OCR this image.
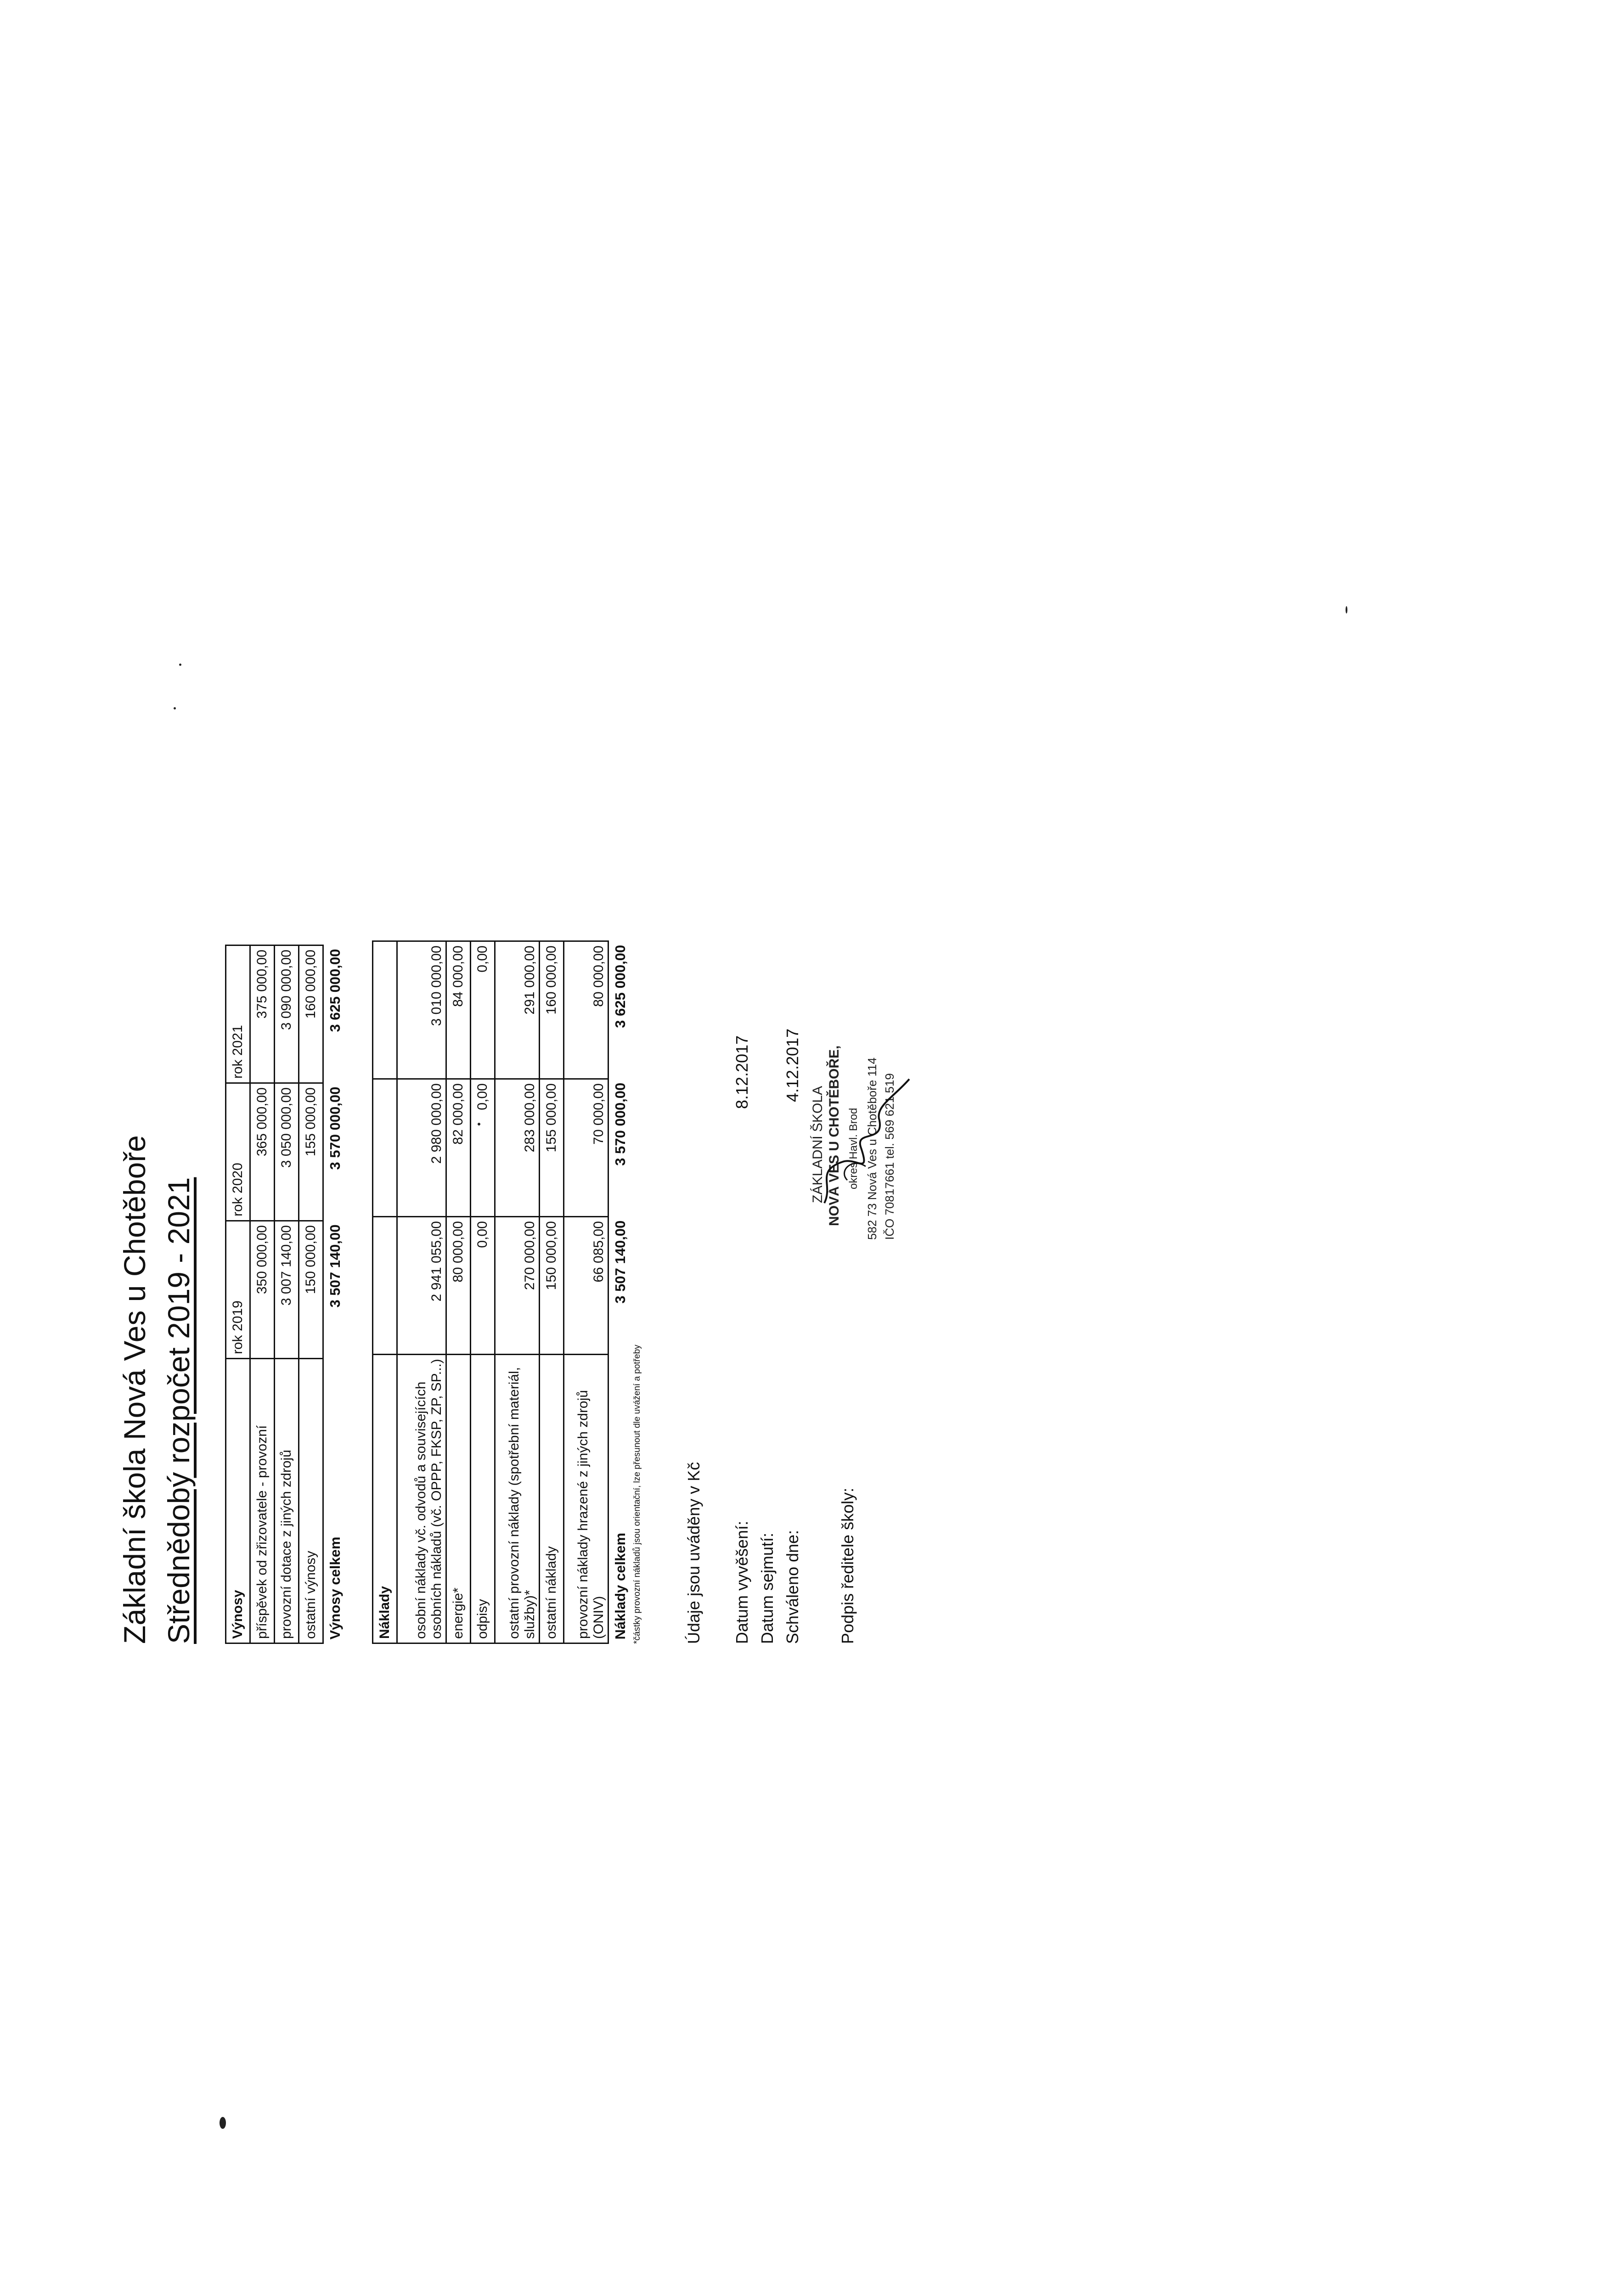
Základní škola Nová Ves u Chotěboře Střednědobý rozpočet 2019 - 2021	Výnosy	rok 2019	rok 2020	rok 2021
příspěvek od zřizovatele - provozní	350 000,00	365 000,00	375 000,00
provozní dotace z jiných zdrojů	3 007 140,00	3 050 000,00	3 090 000,00
ostatní výnosy	150 000,00	155 000,00	160 000,00
Výnosy celkem	3 507 140,00	3 570 000,00	3 625 000,00
Náklady			
osobní náklady vč. odvodů a souvisejících
osobních nákladů (vč. OPPP, FKSP, ZP, SP...)	2 941 055,00	2 980 000,00	3 010 000,00
energie*	80 000,00	82 000,00	84 000,00
odpisy	0,00	0,00	0,00
ostatní provozní náklady (spotřební materiál,
služby)*	270 000,00	283 000,00	291 000,00
ostatní náklady	150 000,00	155 000,00	160 000,00
provozní náklady hrazené z jiných zdrojů
(ONIV)	66 085,00	70 000,00	80 000,00
Náklady celkem	3 507 140,00	3 570 000,00	3 625 000,00
*částky provozní nákladů jsou orientační, lze přesunout dle uvážení a potřeby	Údaje jsou uváděny v Kč Datum vyvěšení:
8.12.2017
Datum sejmutí: Schváleno dne:
4.12.2017
Podpis ředitele školy:
ZÁKLADNÍ ŠKOLA NOVÁ VES U CHOTĚBOŘE, okres Havl. Brod 582 73 Nová Ves u Chotěboře 114 IČO 70817661 tel. 569 621 519
